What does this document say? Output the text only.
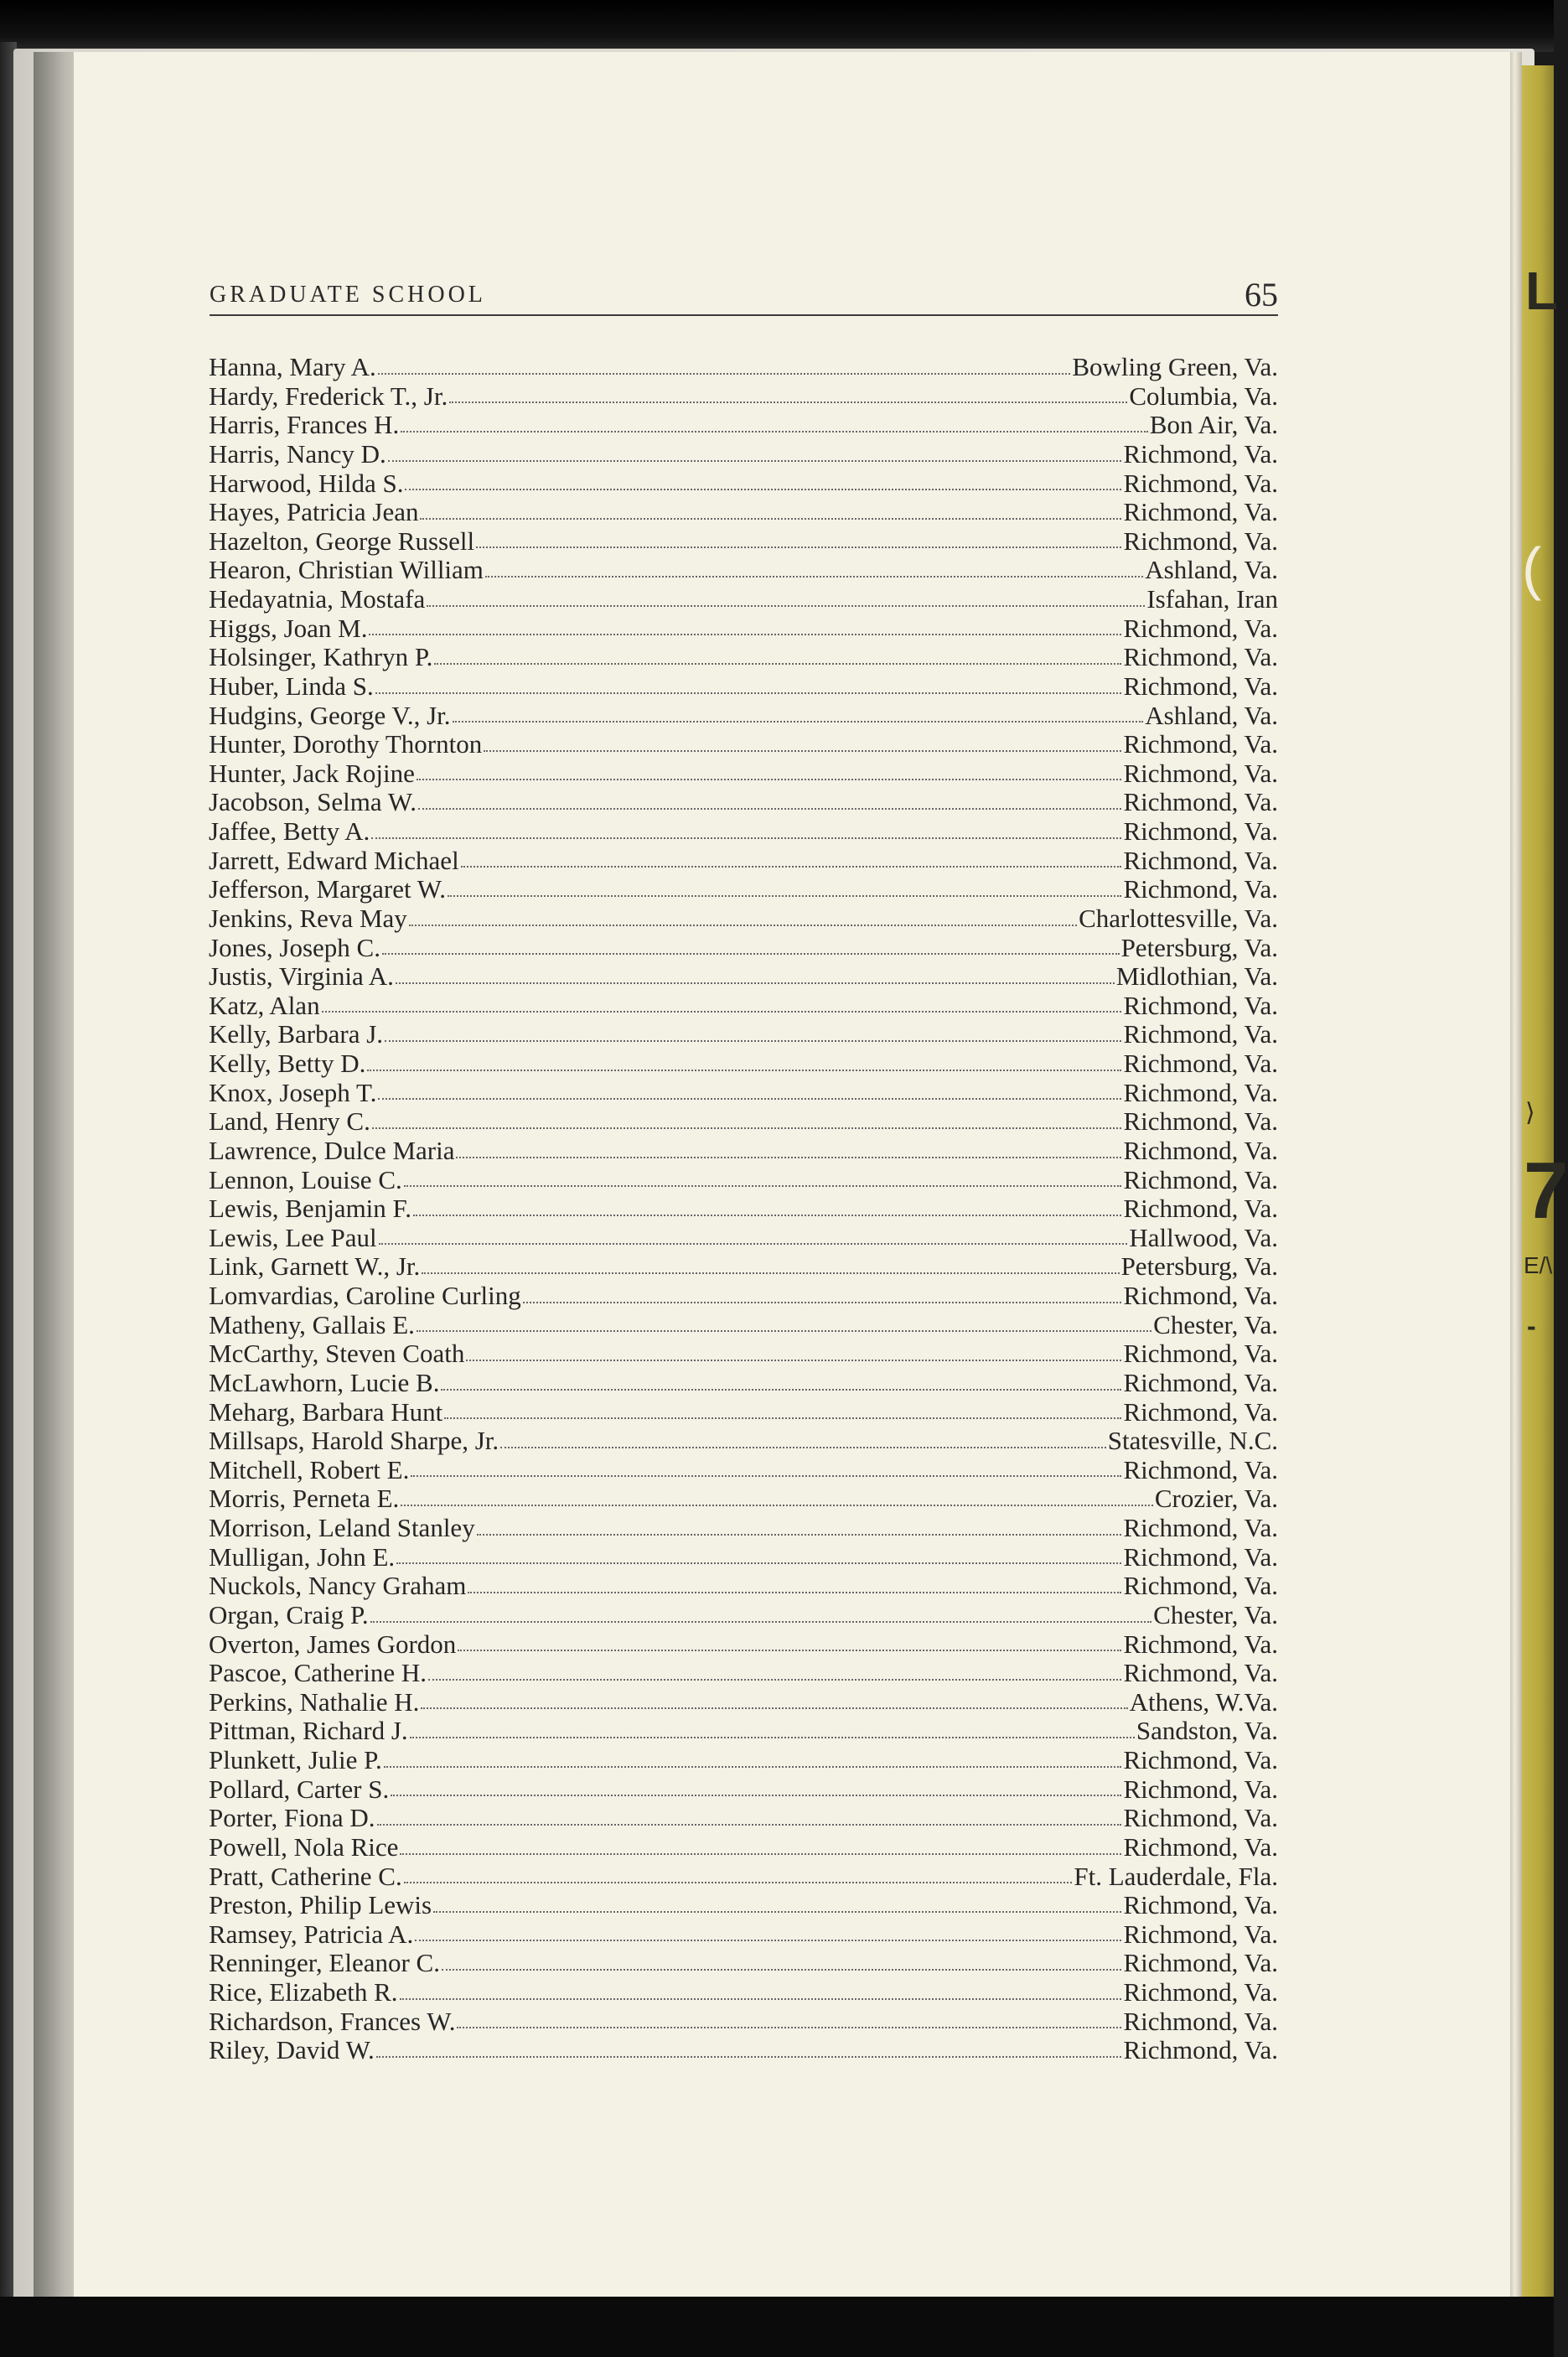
L
(
⟩
7
E/\
-
GRADUATE SCHOOL	65
Hanna, Mary A.	Bowling Green, Va.
Hardy, Frederick T., Jr.	Columbia, Va.
Harris, Frances H.	Bon Air, Va.
Harris, Nancy D.	Richmond, Va.
Harwood, Hilda S.	Richmond, Va.
Hayes, Patricia Jean	Richmond, Va.
Hazelton, George Russell	Richmond, Va.
Hearon, Christian William	Ashland, Va.
Hedayatnia, Mostafa	Isfahan, Iran
Higgs, Joan M.	Richmond, Va.
Holsinger, Kathryn P.	Richmond, Va.
Huber, Linda S.	Richmond, Va.
Hudgins, George V., Jr.	Ashland, Va.
Hunter, Dorothy Thornton	Richmond, Va.
Hunter, Jack Rojine	Richmond, Va.
Jacobson, Selma W.	Richmond, Va.
Jaffee, Betty A.	Richmond, Va.
Jarrett, Edward Michael	Richmond, Va.
Jefferson, Margaret W.	Richmond, Va.
Jenkins, Reva May	Charlottesville, Va.
Jones, Joseph C.	Petersburg, Va.
Justis, Virginia A.	Midlothian, Va.
Katz, Alan	Richmond, Va.
Kelly, Barbara J.	Richmond, Va.
Kelly, Betty D.	Richmond, Va.
Knox, Joseph T.	Richmond, Va.
Land, Henry C.	Richmond, Va.
Lawrence, Dulce Maria	Richmond, Va.
Lennon, Louise C.	Richmond, Va.
Lewis, Benjamin F.	Richmond, Va.
Lewis, Lee Paul	Hallwood, Va.
Link, Garnett W., Jr.	Petersburg, Va.
Lomvardias, Caroline Curling	Richmond, Va.
Matheny, Gallais E.	Chester, Va.
McCarthy, Steven Coath	Richmond, Va.
McLawhorn, Lucie B.	Richmond, Va.
Meharg, Barbara Hunt	Richmond, Va.
Millsaps, Harold Sharpe, Jr.	Statesville, N.C.
Mitchell, Robert E.	Richmond, Va.
Morris, Perneta E.	Crozier, Va.
Morrison, Leland Stanley	Richmond, Va.
Mulligan, John E.	Richmond, Va.
Nuckols, Nancy Graham	Richmond, Va.
Organ, Craig P.	Chester, Va.
Overton, James Gordon	Richmond, Va.
Pascoe, Catherine H.	Richmond, Va.
Perkins, Nathalie H.	Athens, W.Va.
Pittman, Richard J.	Sandston, Va.
Plunkett, Julie P.	Richmond, Va.
Pollard, Carter S.	Richmond, Va.
Porter, Fiona D.	Richmond, Va.
Powell, Nola Rice	Richmond, Va.
Pratt, Catherine C.	Ft. Lauderdale, Fla.
Preston, Philip Lewis	Richmond, Va.
Ramsey, Patricia A.	Richmond, Va.
Renninger, Eleanor C.	Richmond, Va.
Rice, Elizabeth R.	Richmond, Va.
Richardson, Frances W.	Richmond, Va.
Riley, David W.	Richmond, Va.
